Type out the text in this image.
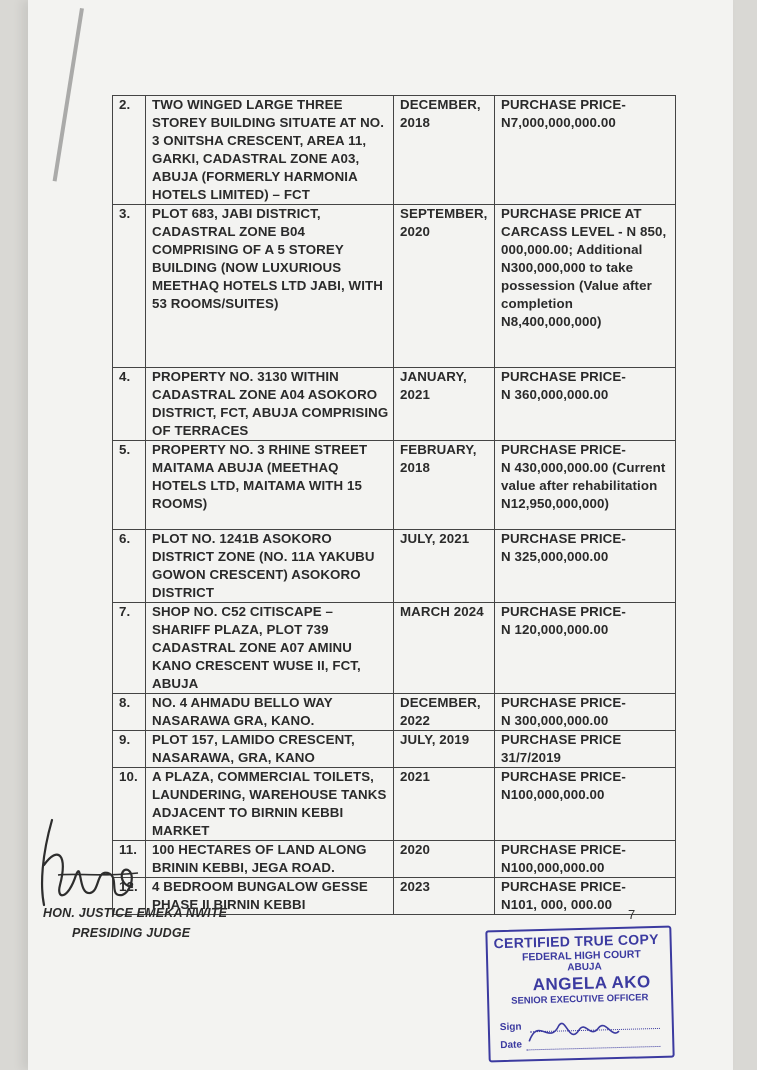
2.	TWO WINGED LARGE THREE STOREY BUILDING SITUATE AT NO. 3 ONITSHA CRESCENT, AREA 11, GARKI, CADASTRAL ZONE A03, ABUJA (FORMERLY HARMONIA HOTELS LIMITED) – FCT	DECEMBER, 2018	PURCHASE PRICE-
N7,000,000,000.00
3.	PLOT 683, JABI DISTRICT, CADASTRAL ZONE B04 COMPRISING OF A 5 STOREY BUILDING (NOW LUXURIOUS MEETHAQ HOTELS LTD JABI, WITH 53 ROOMS/SUITES)	SEPTEMBER, 2020	PURCHASE PRICE AT CARCASS LEVEL - N 850, 000,000.00; Additional N300,000,000 to take possession (Value after completion N8,400,000,000)
4.	PROPERTY NO. 3130 WITHIN CADASTRAL ZONE A04 ASOKORO DISTRICT, FCT, ABUJA COMPRISING OF TERRACES	JANUARY, 2021	PURCHASE PRICE-
N 360,000,000.00
5.	PROPERTY NO. 3 RHINE STREET MAITAMA ABUJA (MEETHAQ HOTELS LTD, MAITAMA WITH 15 ROOMS)	FEBRUARY, 2018	PURCHASE PRICE-
N 430,000,000.00 (Current value after rehabilitation N12,950,000,000)
6.	PLOT NO. 1241B ASOKORO DISTRICT ZONE (NO. 11A YAKUBU GOWON CRESCENT) ASOKORO DISTRICT	JULY, 2021	PURCHASE PRICE-
N 325,000,000.00
7.	SHOP NO. C52 CITISCAPE – SHARIFF PLAZA, PLOT 739 CADASTRAL ZONE A07 AMINU KANO CRESCENT WUSE II, FCT, ABUJA	MARCH 2024	PURCHASE PRICE-
N 120,000,000.00
8.	NO. 4 AHMADU BELLO WAY NASARAWA GRA, KANO.	DECEMBER, 2022	PURCHASE PRICE-
N 300,000,000.00
9.	PLOT 157, LAMIDO CRESCENT, NASARAWA, GRA, KANO	JULY, 2019	PURCHASE PRICE
31/7/2019
10.	A PLAZA, COMMERCIAL TOILETS, LAUNDERING, WAREHOUSE TANKS ADJACENT TO BIRNIN KEBBI MARKET	2021	PURCHASE PRICE-
N100,000,000.00
11.	100 HECTARES OF LAND ALONG BRININ KEBBI, JEGA ROAD.	2020	PURCHASE PRICE-
N100,000,000.00
12.	4 BEDROOM BUNGALOW GESSE PHASE II BIRNIN KEBBI	2023	PURCHASE PRICE-
N101, 000, 000.00
HON. JUSTICE EMEKA NWITE
PRESIDING JUDGE
7
CERTIFIED TRUE COPY
FEDERAL HIGH COURT
ABUJA
ANGELA AKO
SENIOR EXECUTIVE OFFICER
Sign
Date
